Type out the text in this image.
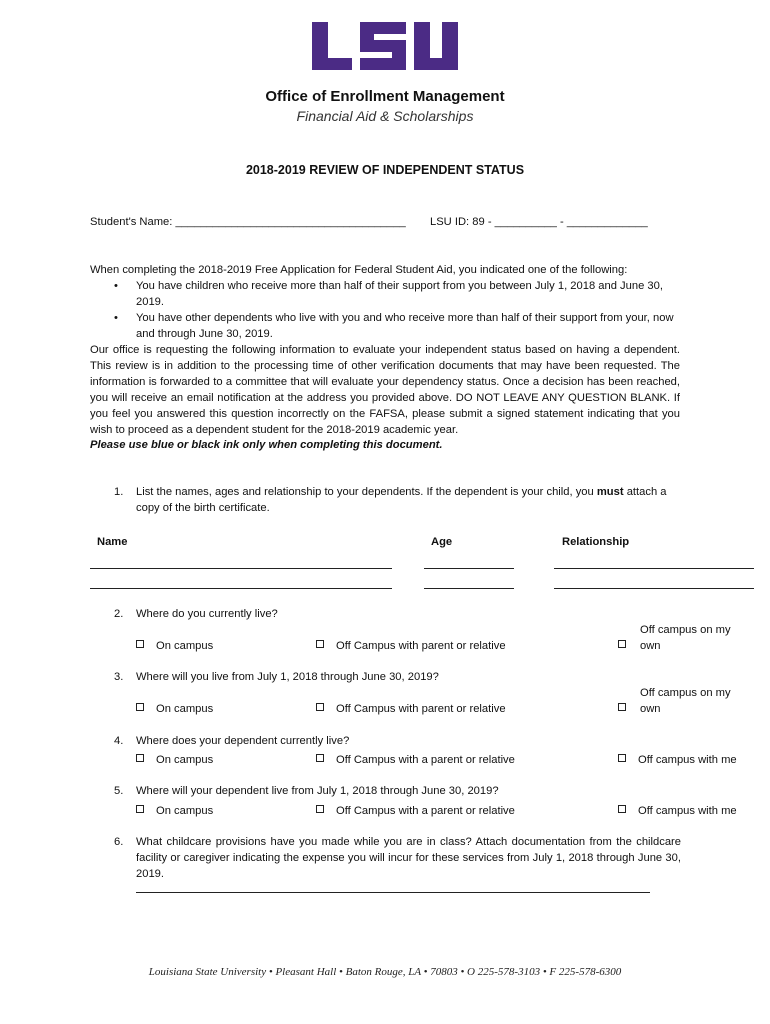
Office of Enrollment Management
Financial Aid & Scholarships
2018-2019 REVIEW OF INDEPENDENT STATUS
Student's Name: _____________________________________ LSU ID: 89 - __________ - _____________
When completing the 2018-2019 Free Application for Federal Student Aid, you indicated one of the following:
• You have children who receive more than half of their support from you between July 1, 2018 and June 30, 2019.
• You have other dependents who live with you and who receive more than half of their support from your, now and through June 30, 2019.
Our office is requesting the following information to evaluate your independent status based on having a dependent. This review is in addition to the processing time of other verification documents that may have been requested. The information is forwarded to a committee that will evaluate your dependency status. Once a decision has been reached, you will receive an email notification at the address you provided above. DO NOT LEAVE ANY QUESTION BLANK. If you feel you answered this question incorrectly on the FAFSA, please submit a signed statement indicating that you wish to proceed as a dependent student for the 2018-2019 academic year.
Please use blue or black ink only when completing this document.
1. List the names, ages and relationship to your dependents. If the dependent is your child, you must attach a copy of the birth certificate.
Name	Age	Relationship
2. Where do you currently live?
On campus	Off Campus with parent or relative
Off campus on my
own
3. Where will you live from July 1, 2018 through June 30, 2019?
On campus	Off Campus with parent or relative
Off campus on my
own
4. Where does your dependent currently live?
On campus	Off Campus with a parent or relative	Off campus with me
5. Where will your dependent live from July 1, 2018 through June 30, 2019?
On campus	Off Campus with a parent or relative	Off campus with me
6. What childcare provisions have you made while you are in class? Attach documentation from the childcare facility or caregiver indicating the expense you will incur for these services from July 1, 2018 through June 30, 2019.
Louisiana State University • Pleasant Hall • Baton Rouge, LA • 70803 • O 225-578-3103 • F 225-578-6300
